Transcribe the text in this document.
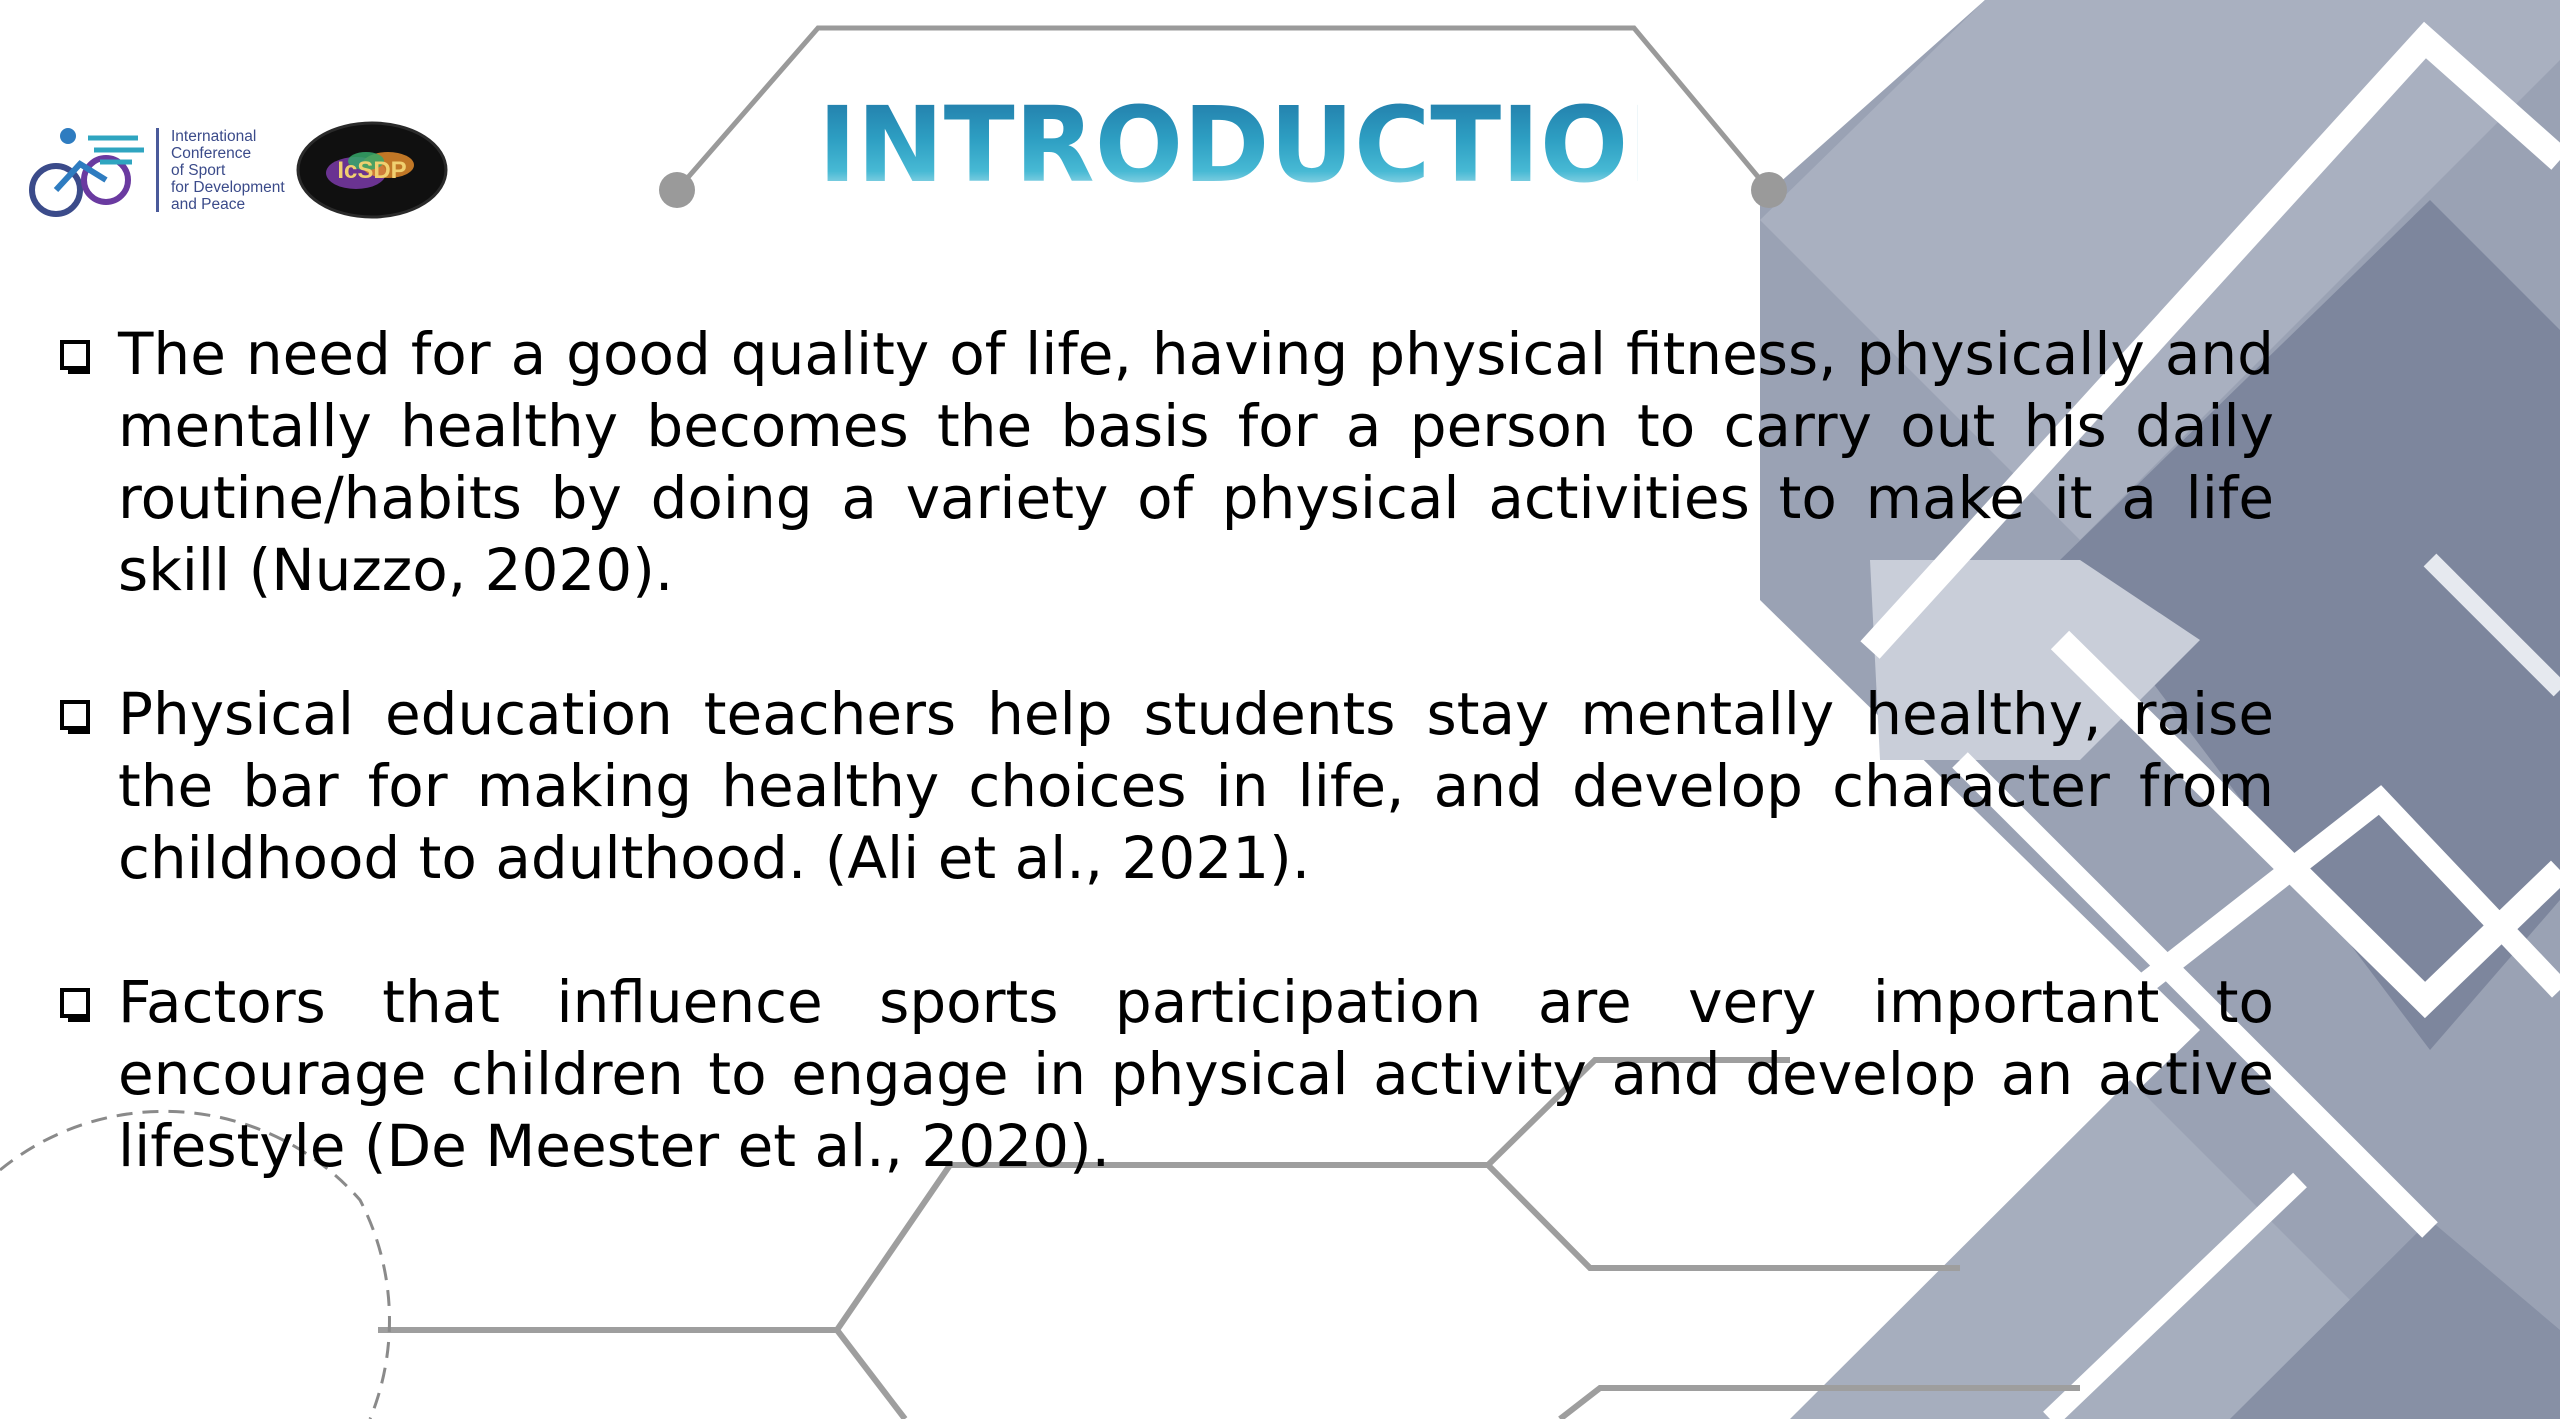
International
Conference
of Sport
for Development
and Peace
IcSDP	INTRODUCTION
The need for a good quality of life, having physical fitness, physically and mentally healthy becomes the basis for a person to carry out his daily routine/habits by doing a variety of physical activities to make it a life skill (Nuzzo, 2020).
Physical education teachers help students stay mentally healthy, raise the bar for making healthy choices in life, and develop character from childhood to adulthood. (Ali et al., 2021).
Factors that influence sports participation are very important to encourage children to engage in physical activity and develop an active lifestyle (De Meester et al., 2020).
